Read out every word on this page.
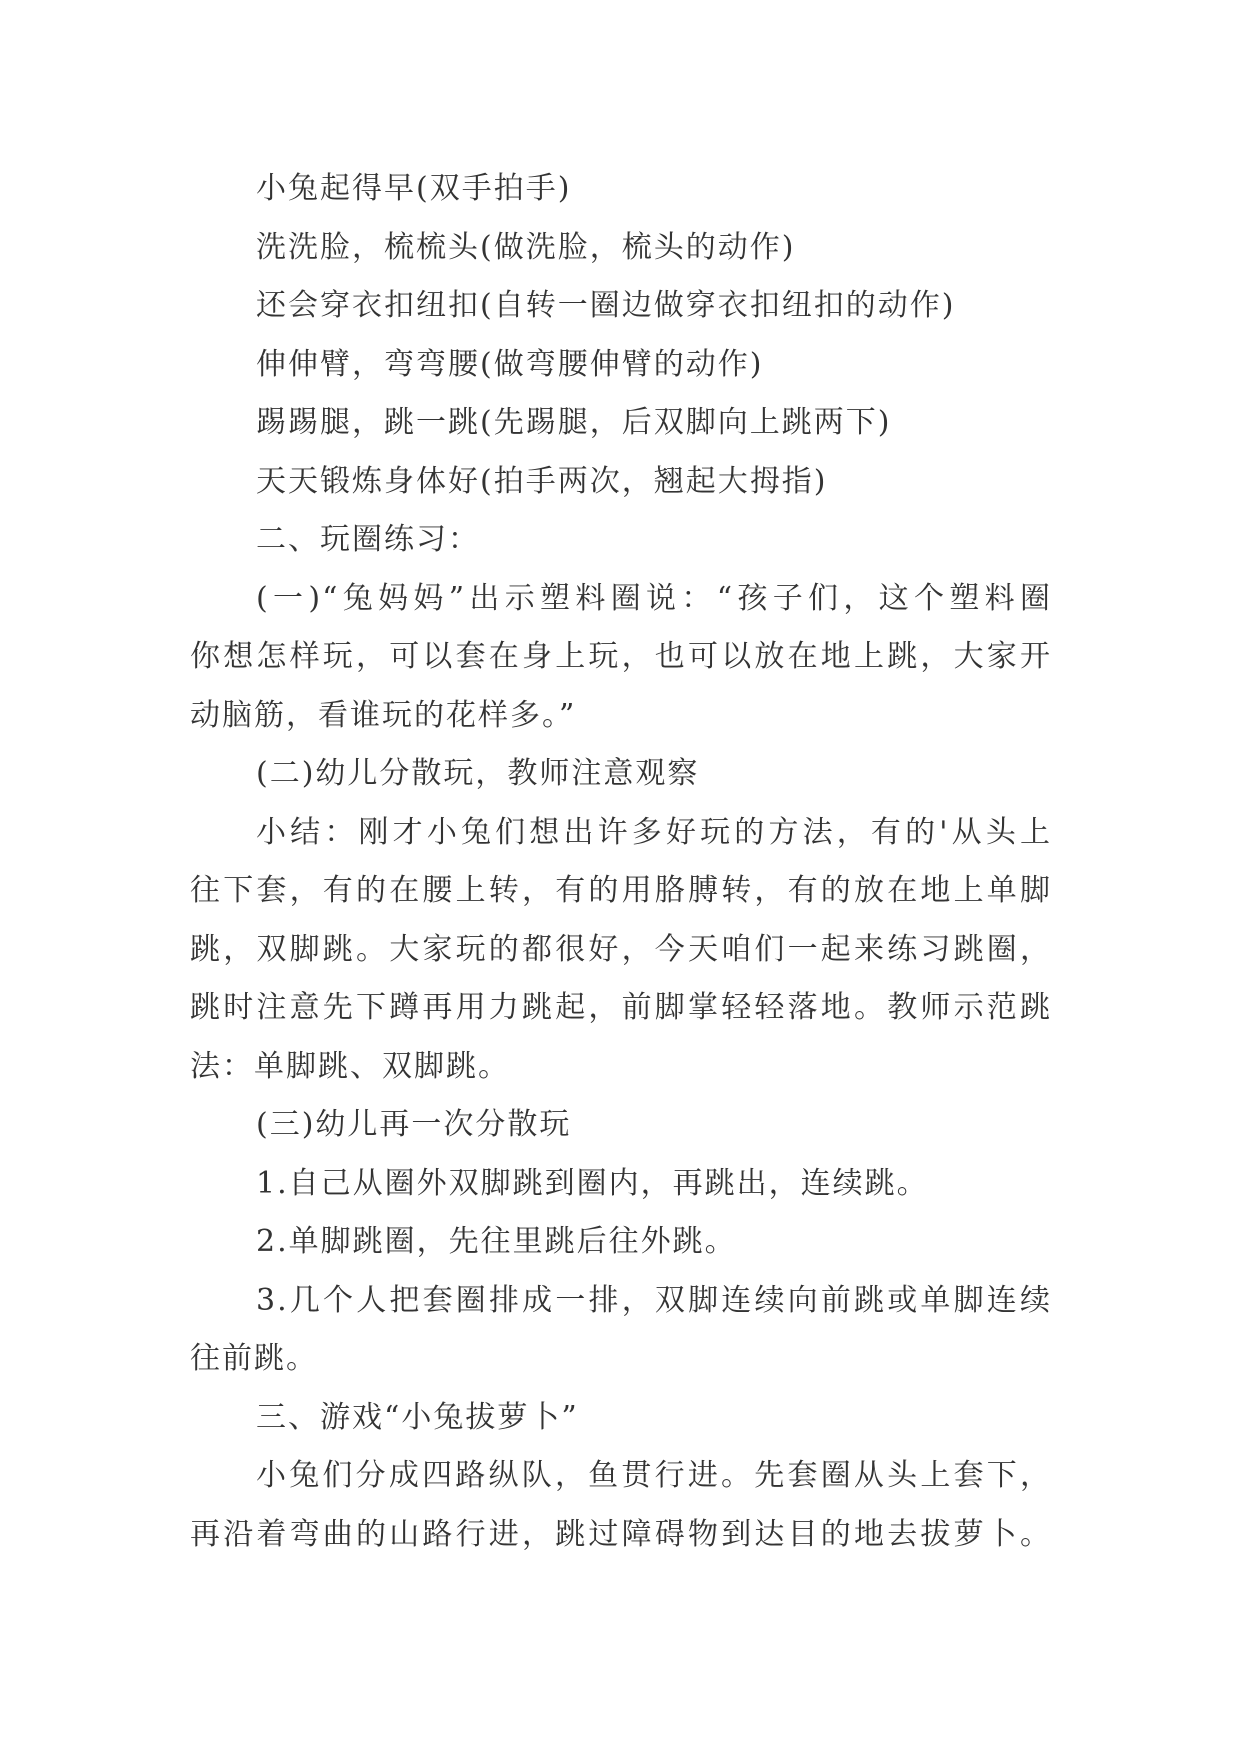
小兔起得早(双手拍手)
洗洗脸，梳梳头(做洗脸，梳头的动作)
还会穿衣扣纽扣(自转一圈边做穿衣扣纽扣的动作)
伸伸臂，弯弯腰(做弯腰伸臂的动作)
踢踢腿，跳一跳(先踢腿，后双脚向上跳两下)
天天锻炼身体好(拍手两次，翘起大拇指)
二、玩圈练习：
(一)“兔妈妈”出示塑料圈说：“孩子们，这个塑料圈
你想怎样玩，可以套在身上玩，也可以放在地上跳，大家开
动脑筋，看谁玩的花样多。”
(二)幼儿分散玩，教师注意观察
小结：刚才小兔们想出许多好玩的方法，有的'从头上
往下套，有的在腰上转，有的用胳膊转，有的放在地上单脚
跳，双脚跳。大家玩的都很好，今天咱们一起来练习跳圈，
跳时注意先下蹲再用力跳起，前脚掌轻轻落地。教师示范跳
法：单脚跳、双脚跳。
(三)幼儿再一次分散玩
1.自己从圈外双脚跳到圈内，再跳出，连续跳。
2.单脚跳圈，先往里跳后往外跳。
3.几个人把套圈排成一排，双脚连续向前跳或单脚连续
往前跳。
三、游戏“小兔拔萝卜”
小兔们分成四路纵队，鱼贯行进。先套圈从头上套下，
再沿着弯曲的山路行进，跳过障碍物到达目的地去拔萝卜。
